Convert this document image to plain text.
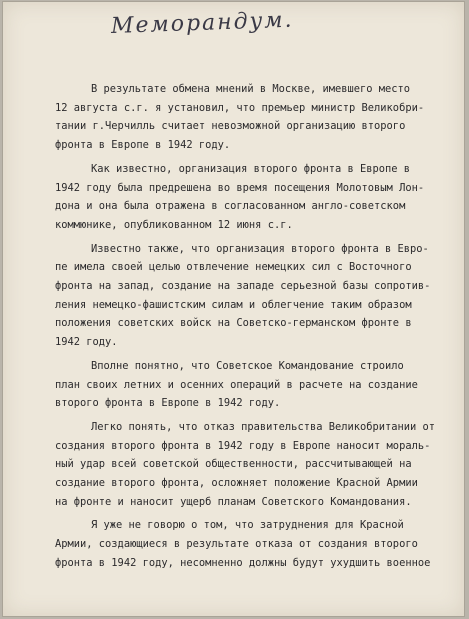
Меморандум.
В результате обмена мнений в Москве, имевшего место
12 августа с.г. я установил, что премьер министр Великобри-
тании г.Черчилль считает невозможной организацию второго
фронта в Европе в 1942 году.
Как известно, организация второго фронта в Европе в
1942 году была предрешена во время посещения Молотовым Лон-
дона и она была отражена в согласованном англо-советском
коммюнике, опубликованном 12 июня с.г.
Известно также, что организация второго фронта в Евро-
пе имела своей целью отвлечение немецких сил с Восточного
фронта на запад, создание на западе серьезной базы сопротив-
ления немецко-фашистским силам и облегчение таким образом
положения советских войск на Советско-германском фронте в
1942 году.
Вполне понятно, что Советское Командование строило
план своих летних и осенних операций в расчете на создание
второго фронта в Европе в 1942 году.
Легко понять, что отказ правительства Великобритании от
создания второго фронта в 1942 году в Европе наносит мораль-
ный удар всей советской общественности, рассчитывающей на
создание второго фронта, осложняет положение Красной Армии
на фронте и наносит ущерб планам Советского Командования.
Я уже не говорю о том, что затруднения для Красной
Армии, создающиеся в результате отказа от создания второго
фронта в 1942 году, несомненно должны будут ухудшить военное
